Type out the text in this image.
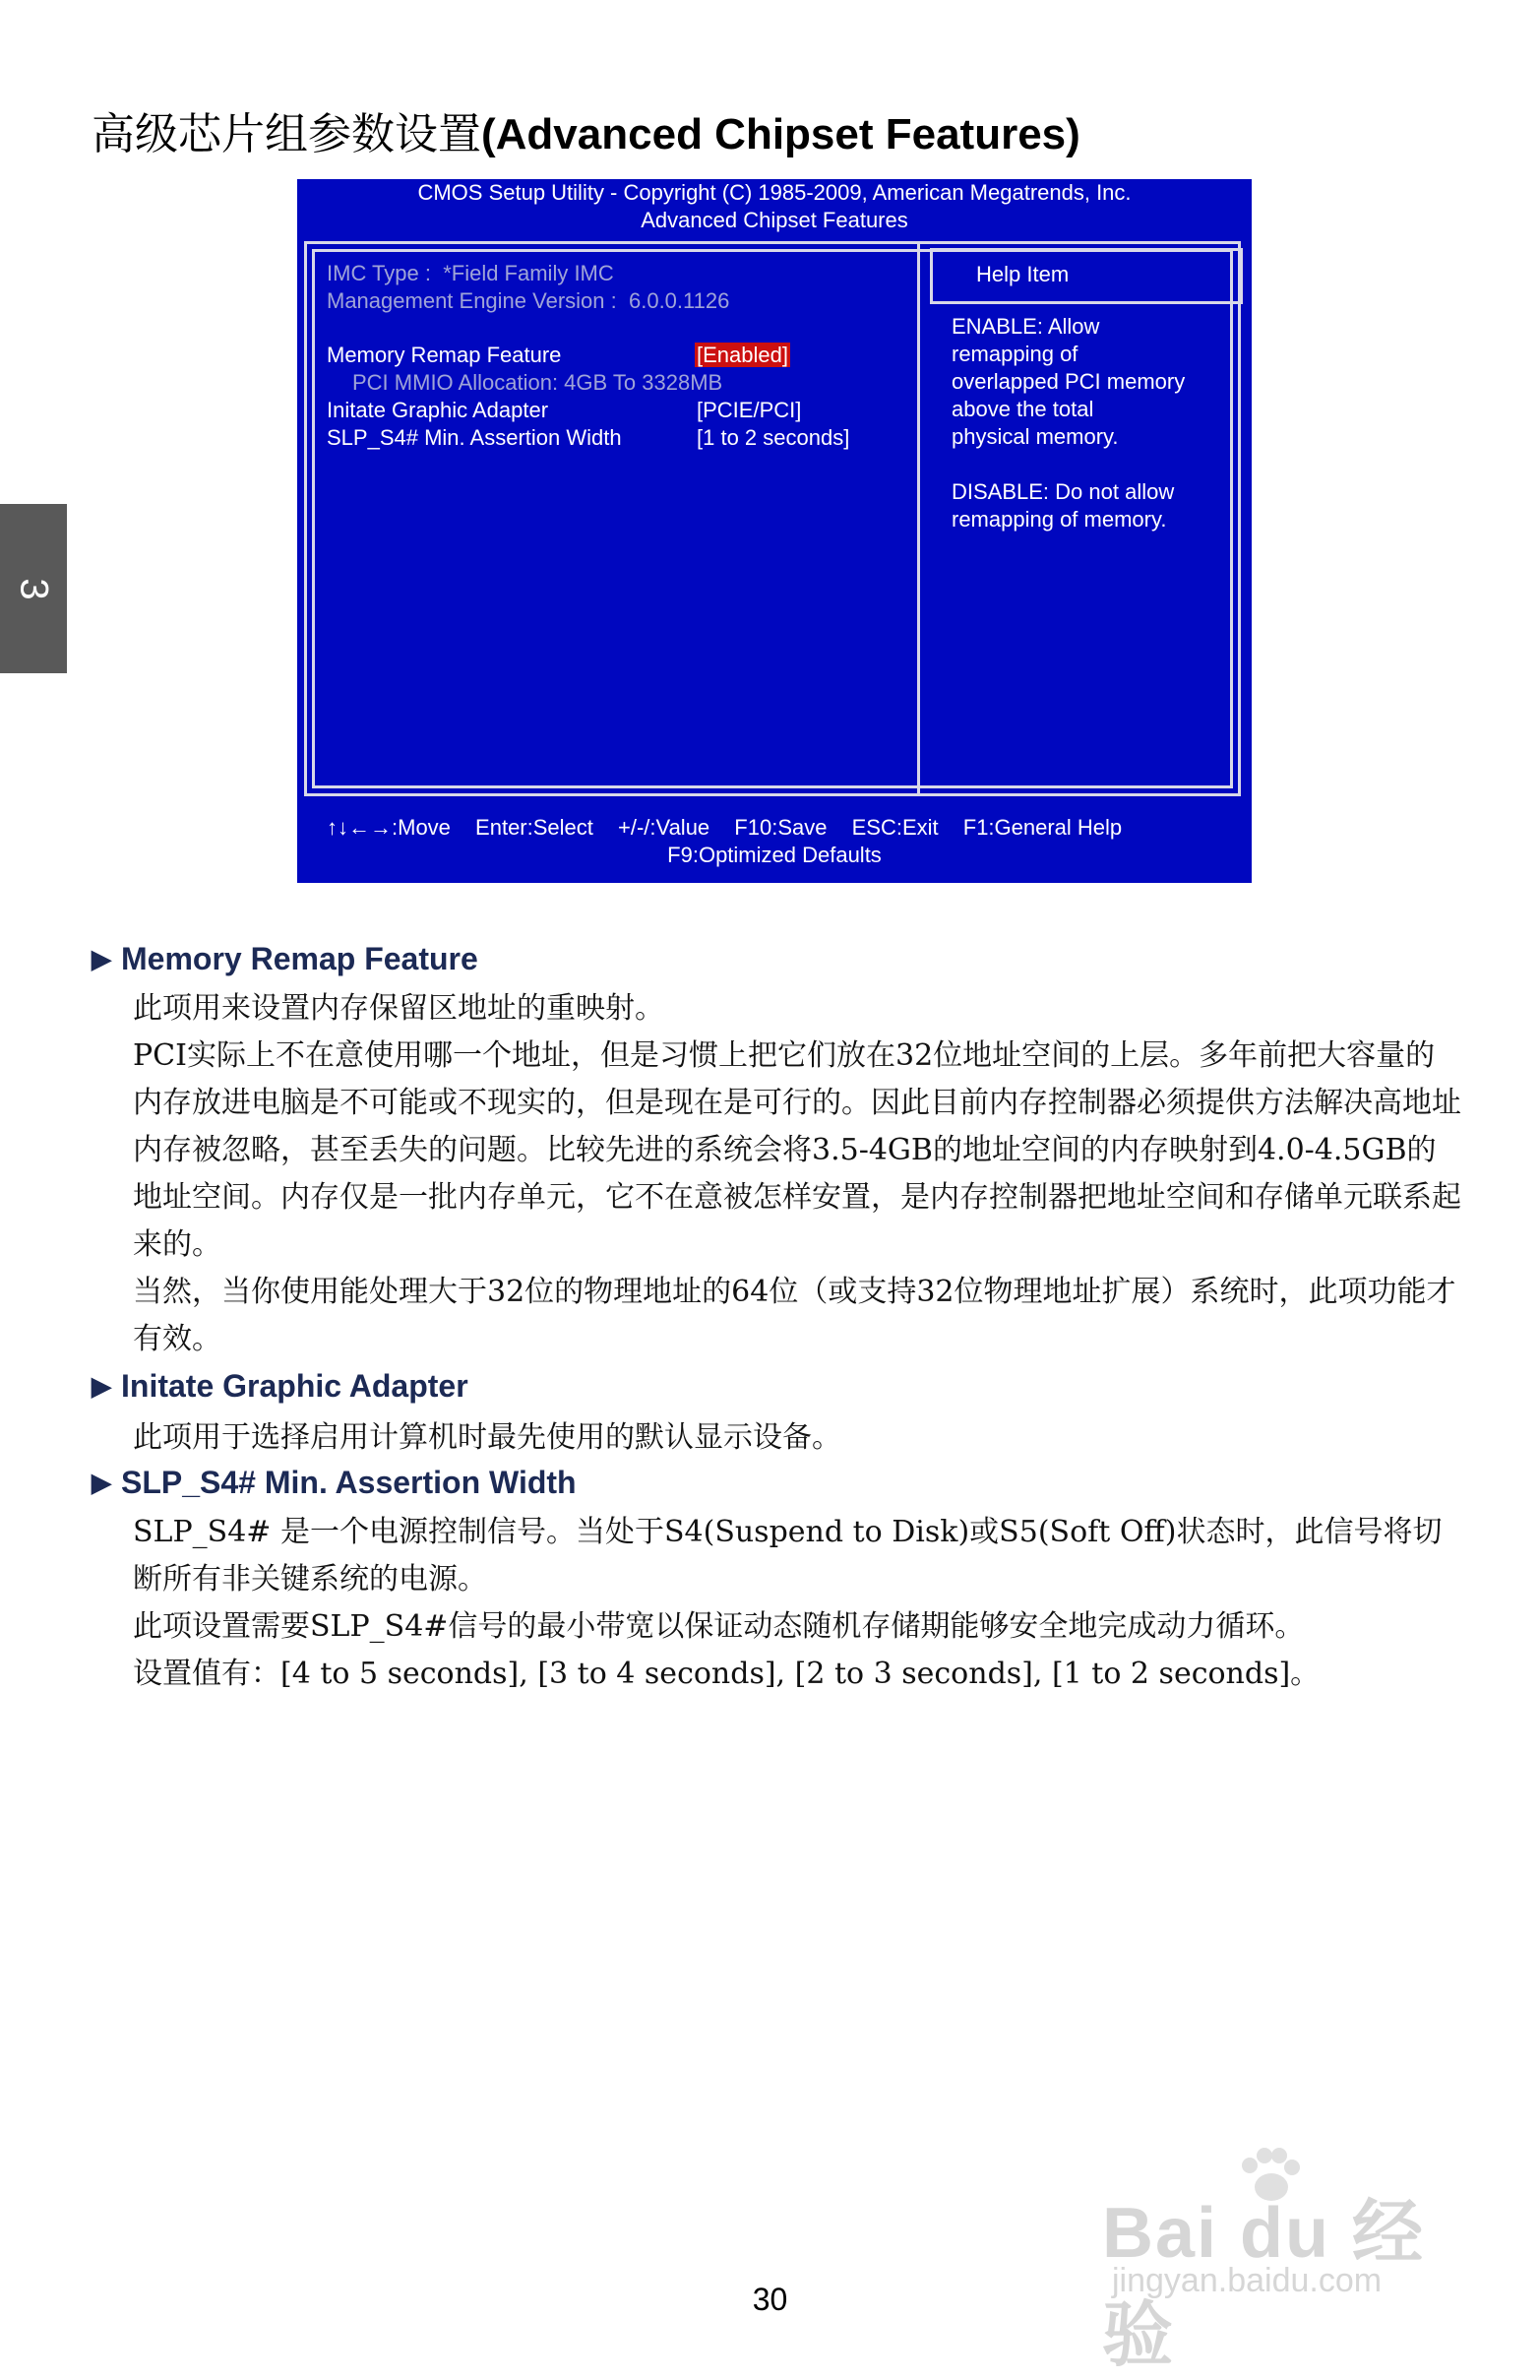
高级芯片组参数设置(Advanced Chipset Features)
3
CMOS Setup Utility - Copyright (C) 1985-2009, American Megatrends, Inc.
Advanced Chipset Features
IMC Type : *Field Family IMC
Management Engine Version : 6.0.0.1126
Memory Remap Feature	[Enabled]
PCI MMIO Allocation: 4GB To 3328MB
Initate Graphic Adapter	[PCIE/PCI]
SLP_S4# Min. Assertion Width	[1 to 2 seconds]
Help Item

ENABLE: Allow

remapping of

overlapped PCI memory

above the total

physical memory.

DISABLE: Do not allow

remapping of memory.

↑↓←→:Move Enter:Select +/-/:Value F10:Save ESC:Exit F1:General Help
F9:Optimized Defaults
▶ Memory Remap Feature

此项用来设置内存保留区地址的重映射。

PCI实际上不在意使用哪一个地址，但是习惯上把它们放在32位地址空间的上层。多年前把大容量的内存放进电脑是不可能或不现实的，但是现在是可行的。因此目前内存控制器必须提供方法解决高地址内存被忽略，甚至丢失的问题。比较先进的系统会将3.5-4GB的地址空间的内存映射到4.0-4.5GB的地址空间。内存仅是一批内存单元，它不在意被怎样安置，是内存控制器把地址空间和存储单元联系起来的。

当然，当你使用能处理大于32位的物理地址的64位（或支持32位物理地址扩展）系统时，此项功能才有效。

▶ Initate Graphic Adapter

此项用于选择启用计算机时最先使用的默认显示设备。

▶ SLP_S4# Min. Assertion Width

SLP_S4# 是一个电源控制信号。当处于S4(Suspend to Disk)或S5(Soft Off)状态时，此信号将切断所有非关键系统的电源。

此项设置需要SLP_S4#信号的最小带宽以保证动态随机存储期能够安全地完成动力循环。

设置值有：[4 to 5 seconds], [3 to 4 seconds], [2 to 3 seconds], [1 to 2 seconds]。

Bai du 经验
jingyan.baidu.com
30
